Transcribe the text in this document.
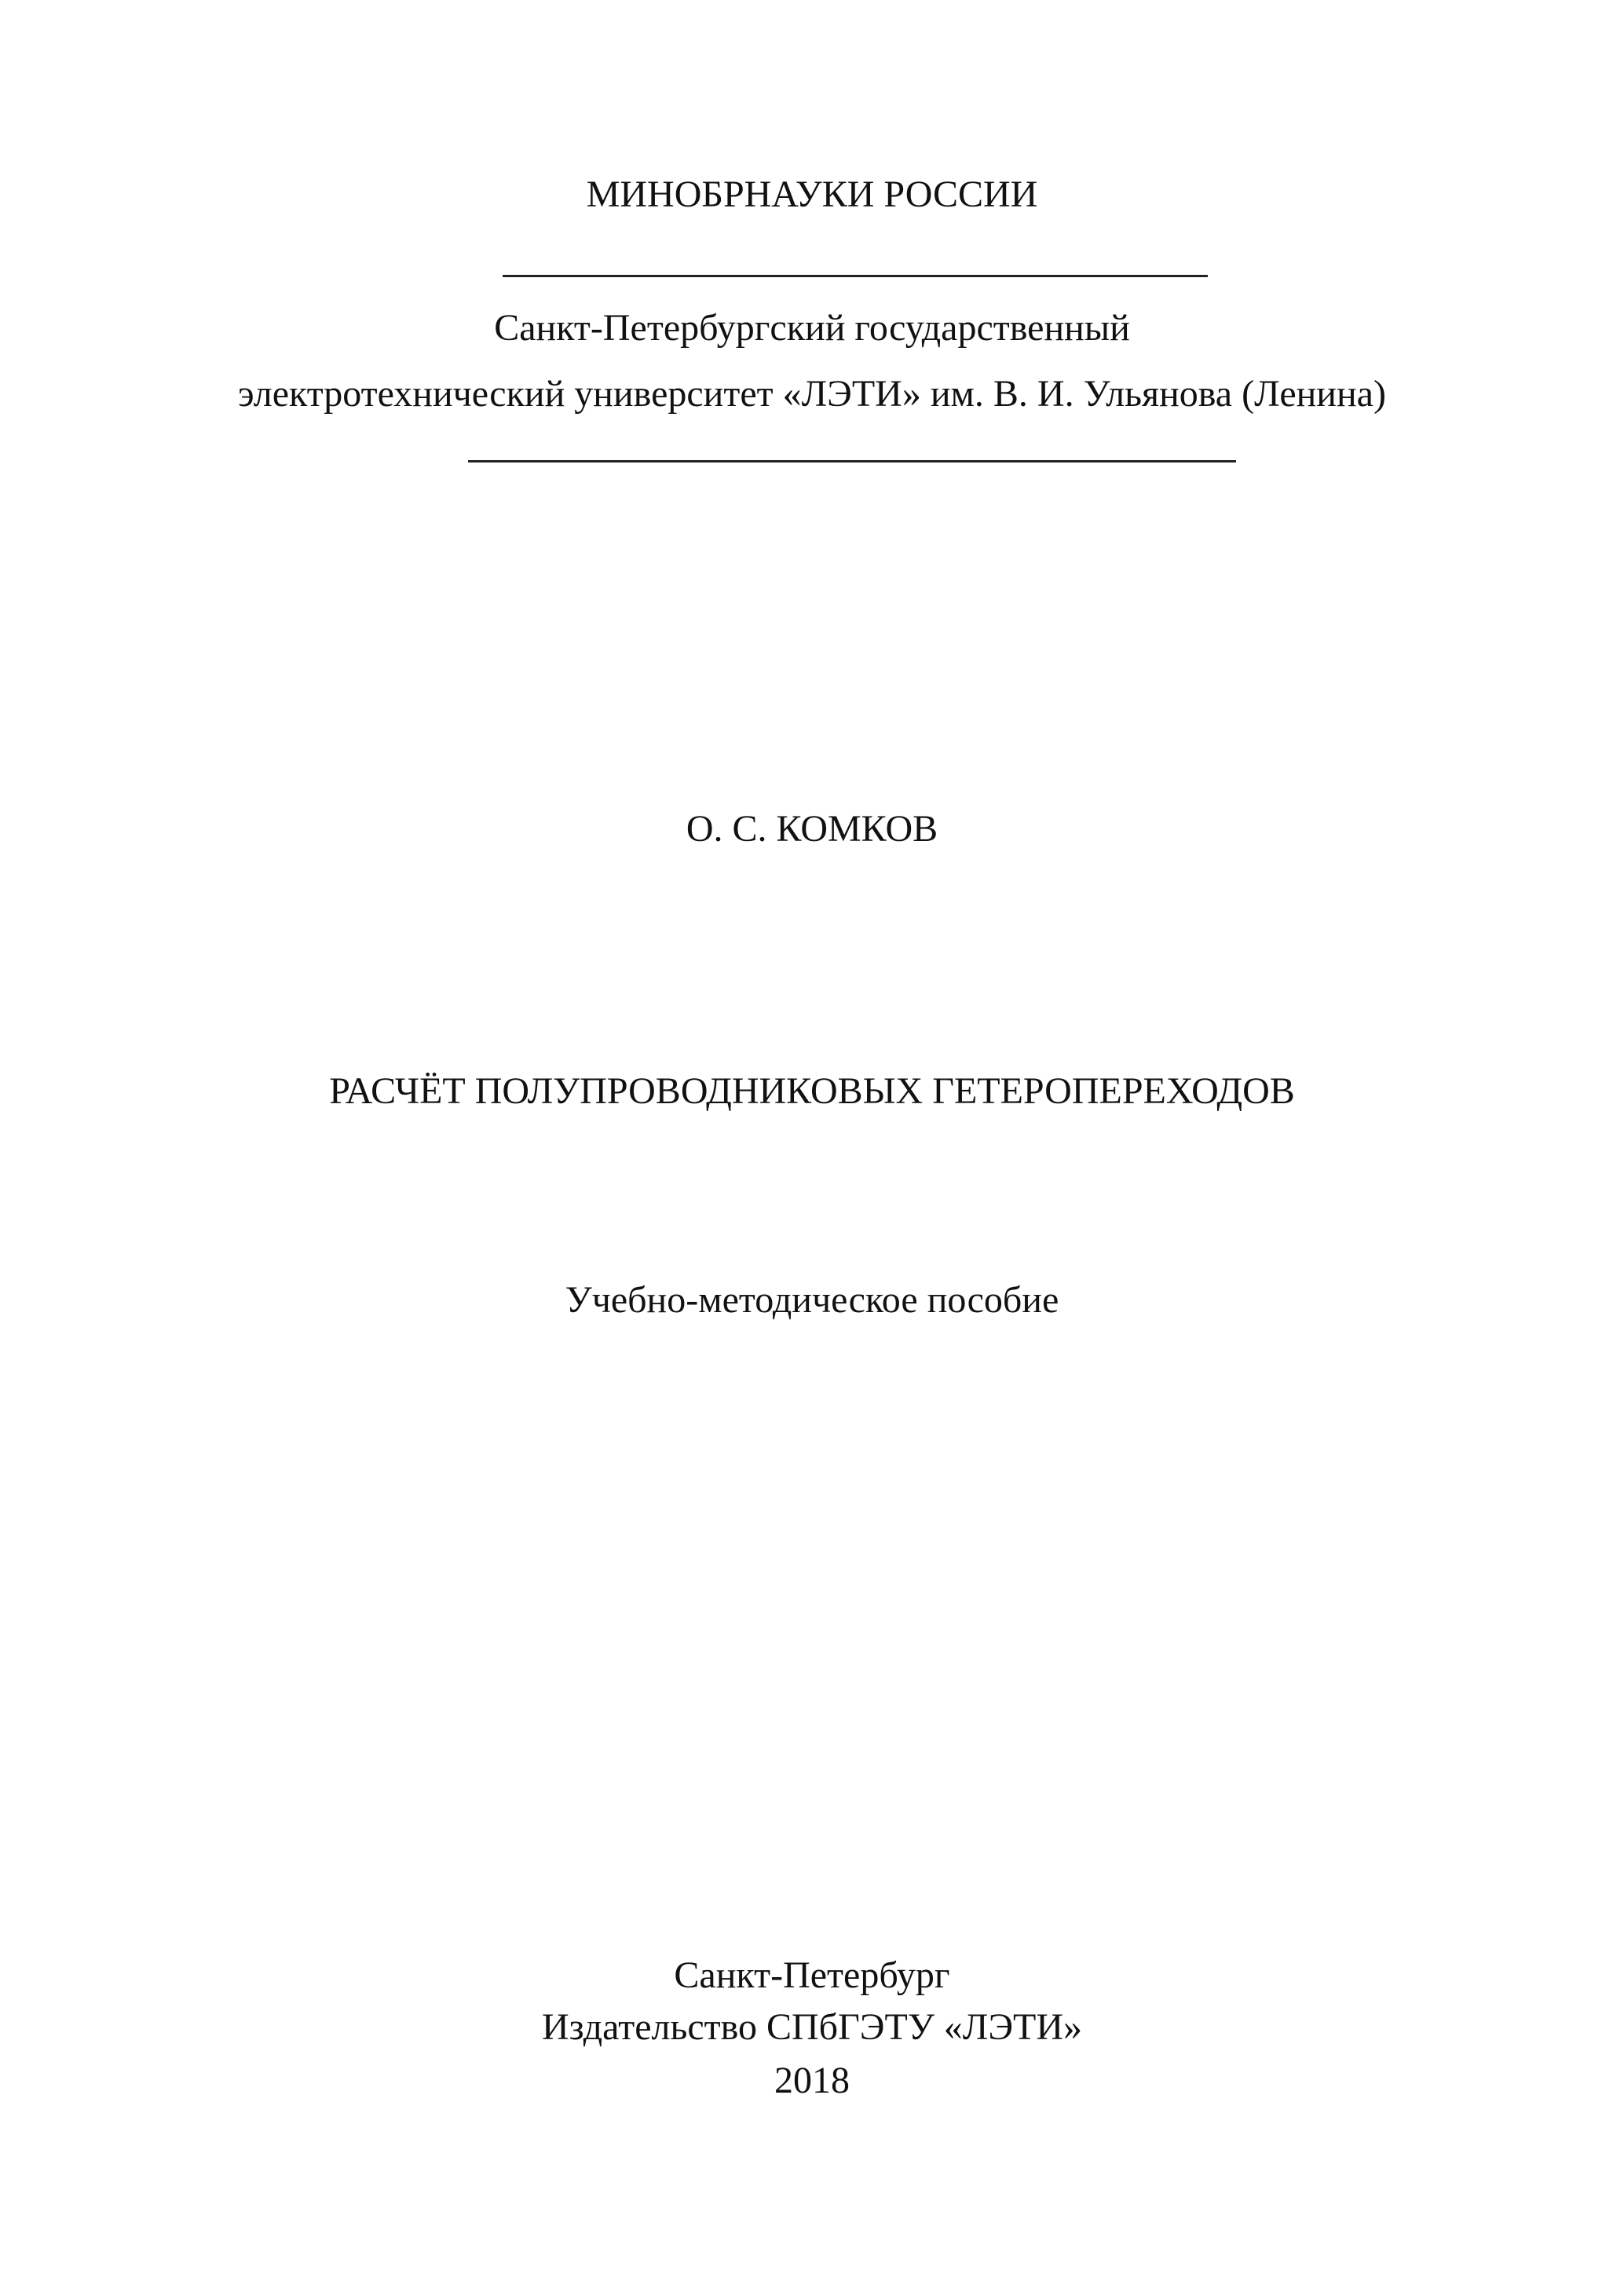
МИНОБРНАУКИ РОССИИ
Санкт-Петербургский государственный
электротехнический университет «ЛЭТИ» им. В. И. Ульянова (Ленина)
О. С. КОМКОВ
РАСЧЁТ ПОЛУПРОВОДНИКОВЫХ ГЕТЕРОПЕРЕХОДОВ
Учебно-методическое пособие
Санкт-Петербург
Издательство СПбГЭТУ «ЛЭТИ»
2018
